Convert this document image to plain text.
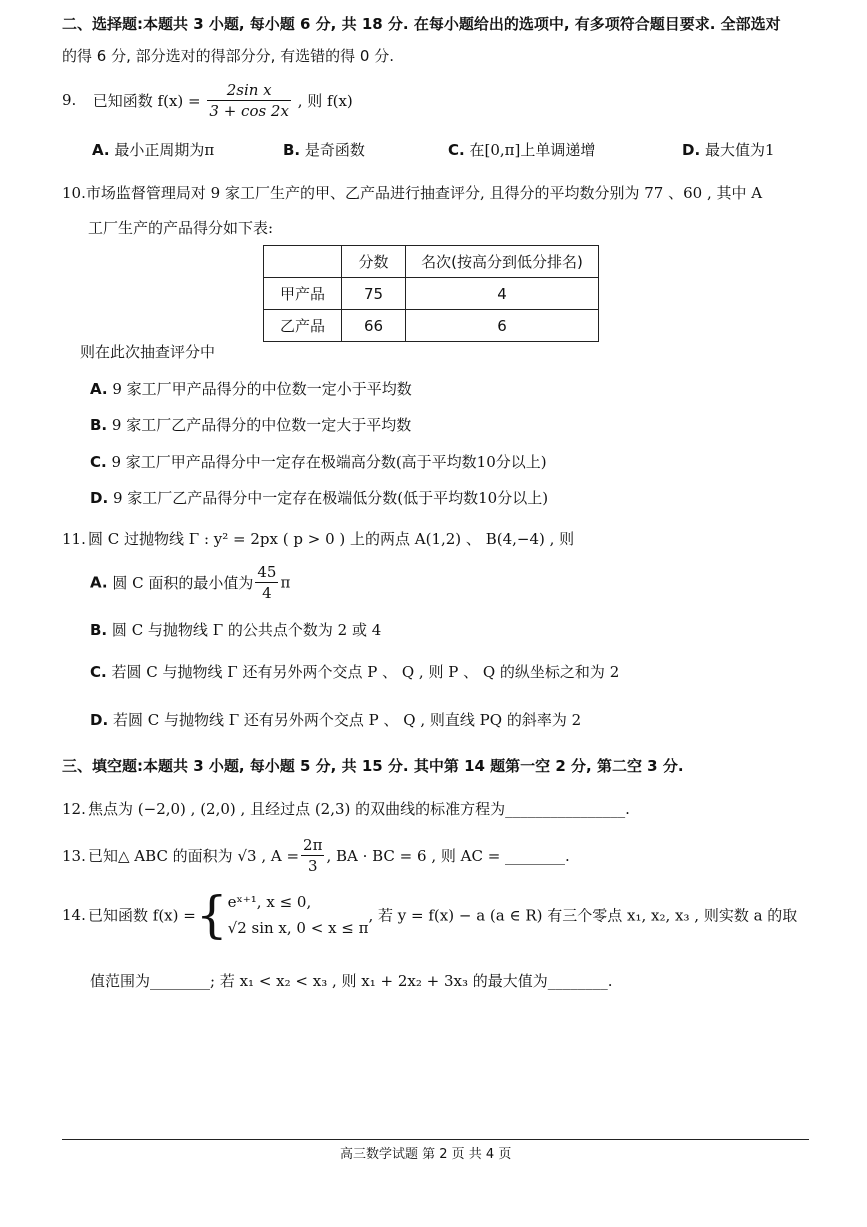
二、选择题:本题共 3 小题, 每小题 6 分, 共 18 分. 在每小题给出的选项中, 有多项符合题目要求. 全部选对
的得 6 分, 部分选对的得部分分, 有选错的得 0 分.
9. 已知函数 $f(x) = \frac{\text{2sin x}}{3 + \cos 2x}$ , 则 f(x)
A. 最小正周期为π	B. 是奇函数	C. 在[0,π]上单调递增	D. 最大值为1
10.市场监督管理局对 9 家工厂生产的甲、乙产品进行抽查评分, 且得分的平均数分别为 77 、60 , 其中 A
工厂生产的产品得分如下表:
	分数	名次(按高分到低分排名)
甲产品	75	4
乙产品	66	6
则在此次抽查评分中
A. 9 家工厂甲产品得分的中位数一定小于平均数
B. 9 家工厂乙产品得分的中位数一定大于平均数
C. 9 家工厂甲产品得分中一定存在极端高分数(高于平均数10分以上)
D. 9 家工厂乙产品得分中一定存在极端低分数(低于平均数10分以上)
11. 圆 C 过抛物线 Γ : y² = 2px ( p > 0 ) 上的两点 A(1,2) 、 B(4,−4) , 则
A. 圆 C 面积的最小值为 $\frac{45}{4}$ π
B. 圆 C 与抛物线 Γ 的公共点个数为 2 或 4
C. 若圆 C 与抛物线 Γ 还有另外两个交点 P 、 Q , 则 P 、 Q 的纵坐标之和为 2
D. 若圆 C 与抛物线 Γ 还有另外两个交点 P 、 Q , 则直线 PQ 的斜率为 2
三、填空题:本题共 3 小题, 每小题 5 分, 共 15 分. 其中第 14 题第一空 2 分, 第二空 3 分.
12. 焦点为 (−2,0) , (2,0) , 且经过点 (2,3) 的双曲线的标准方程为________________.
13. 已知△ ABC 的面积为 √3 , $A = \frac{2\pi}{3}$ , BA · BC = 6 , 则 AC = ________.
14. 已知函数 f(x) ={ eˣ⁺¹, x ≤ 0,
√2 sin x, 0 < x ≤ π
, 若 y = f(x) − a (a ∈ R) 有三个零点 x₁, x₂, x₃ , 则实数 a 的取
值范围为________; 若 x₁ < x₂ < x₃ , 则 x₁ + 2x₂ + 3x₃ 的最大值为________.
高三数学试题 第 2 页 共 4 页
